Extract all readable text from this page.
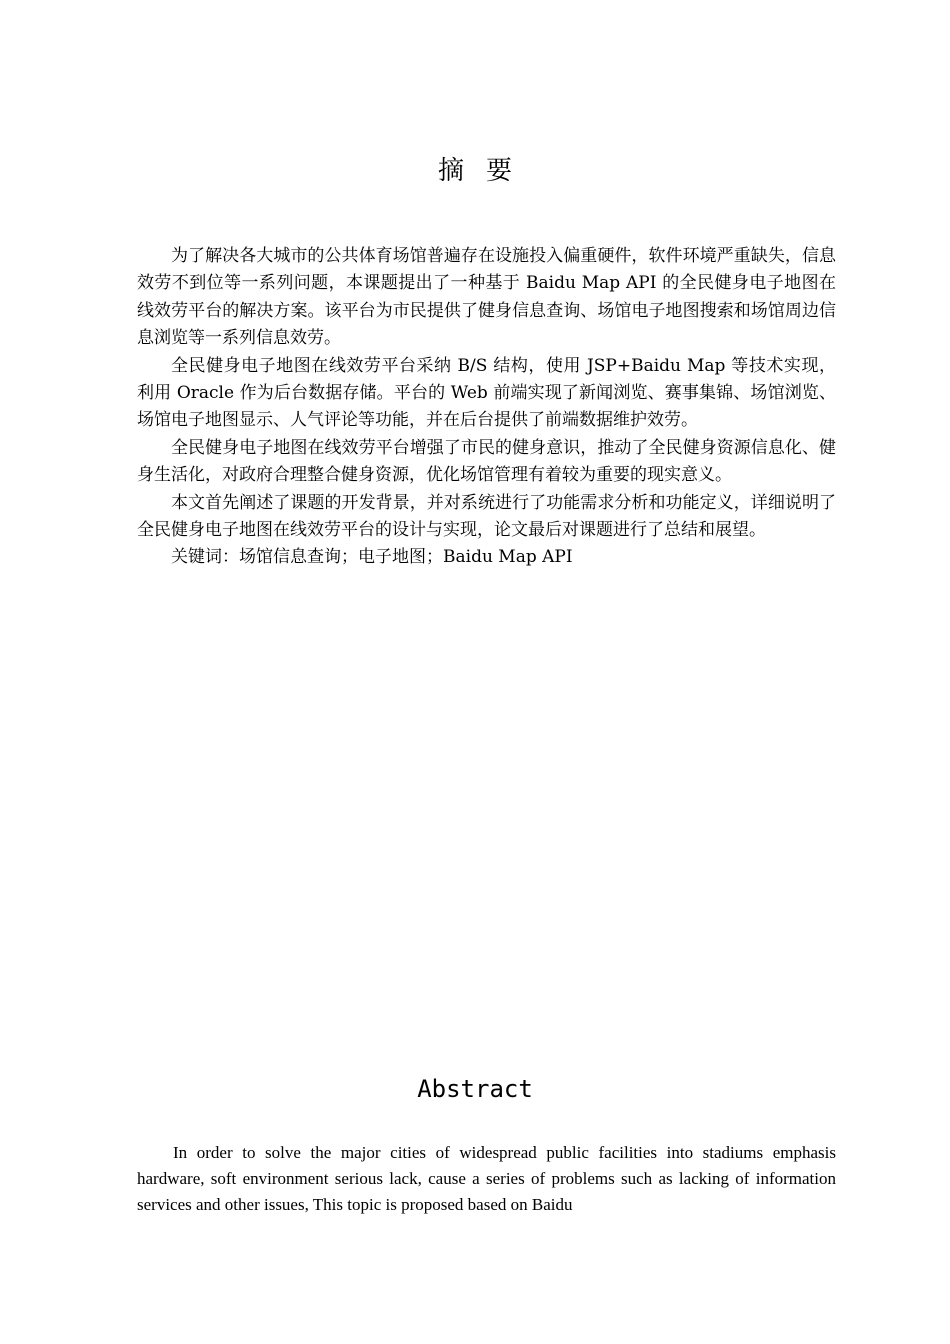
摘要

为了解决各大城市的公共体育场馆普遍存在设施投入偏重硬件，软件环境严重缺失，信息效劳不到位等一系列问题，本课题提出了一种基于 Baidu Map API 的全民健身电子地图在线效劳平台的解决方案。该平台为市民提供了健身信息查询、场馆电子地图搜索和场馆周边信息浏览等一系列信息效劳。

全民健身电子地图在线效劳平台采纳 B/S 结构，使用 JSP+Baidu Map 等技术实现，利用 Oracle 作为后台数据存储。平台的 Web 前端实现了新闻浏览、赛事集锦、场馆浏览、场馆电子地图显示、人气评论等功能，并在后台提供了前端数据维护效劳。

全民健身电子地图在线效劳平台增强了市民的健身意识，推动了全民健身资源信息化、健身生活化，对政府合理整合健身资源，优化场馆管理有着较为重要的现实意义。

本文首先阐述了课题的开发背景，并对系统进行了功能需求分析和功能定义，详细说明了全民健身电子地图在线效劳平台的设计与实现，论文最后对课题进行了总结和展望。

关键词：场馆信息查询；电子地图；Baidu Map API

Abstract

In order to solve the major cities of widespread public facilities into stadiums emphasis hardware, soft environment serious lack, cause a series of problems such as lacking of information services and other issues, This topic is proposed based on Baidu
